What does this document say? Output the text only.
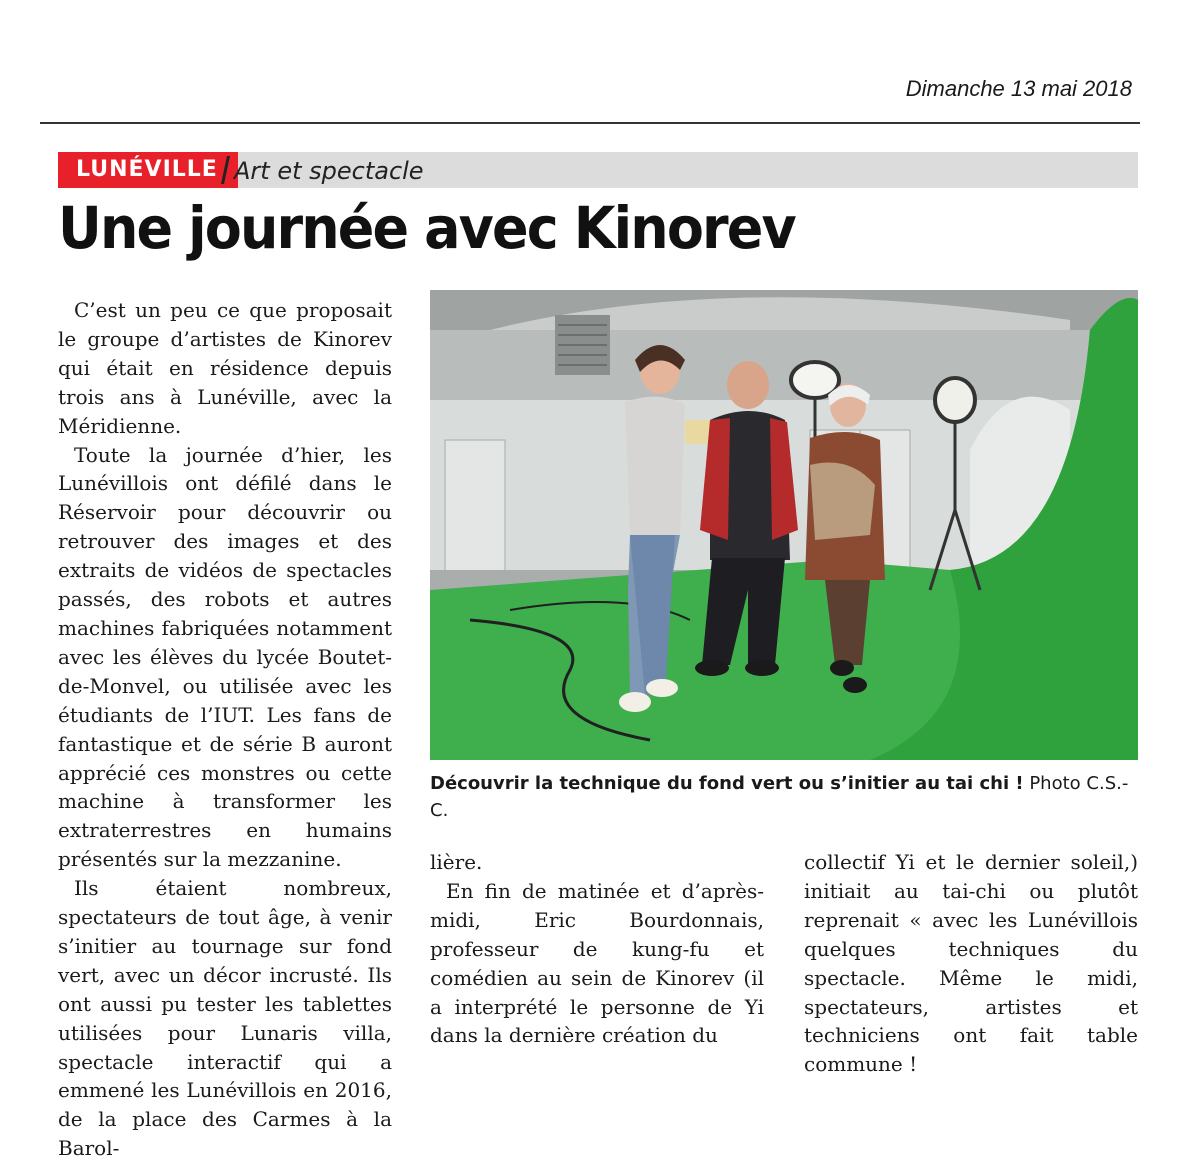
Dimanche 13 mai 2018
LUNÉVILLE Art et spectacle
Une journée avec Kinorev

C’est un peu ce que proposait le groupe d’artistes de Kinorev qui était en résidence depuis trois ans à Lunéville, avec la Méridienne.

Toute la journée d’hier, les Lunévillois ont défilé dans le Réservoir pour découvrir ou retrouver des images et des extraits de vidéos de spectacles passés, des robots et autres machines fabriquées notamment avec les élèves du lycée Boutet-de-Monvel, ou utilisée avec les étudiants de l’IUT. Les fans de fantastique et de série B auront apprécié ces monstres ou cette machine à transformer les extraterrestres en humains présentés sur la mezzanine.

Ils étaient nombreux, spectateurs de tout âge, à venir s’initier au tournage sur fond vert, avec un décor incrusté. Ils ont aussi pu tester les tablettes utilisées pour Lunaris villa, spectacle interactif qui a emmené les Lunévillois en 2016, de la place des Carmes à la Barol-

Découvrir la technique du fond vert ou s’initier au tai chi ! Photo C.S.-C.

lière.

En fin de matinée et d’après-midi, Eric Bourdonnais, professeur de kung-fu et comédien au sein de Kinorev (il a interprété le personne de Yi dans la dernière création du

collectif Yi et le dernier soleil,) initiait au tai-chi ou plutôt reprenait « avec les Lunévillois quelques techniques du spectacle. Même le midi, spectateurs, artistes et techniciens ont fait table commune !
